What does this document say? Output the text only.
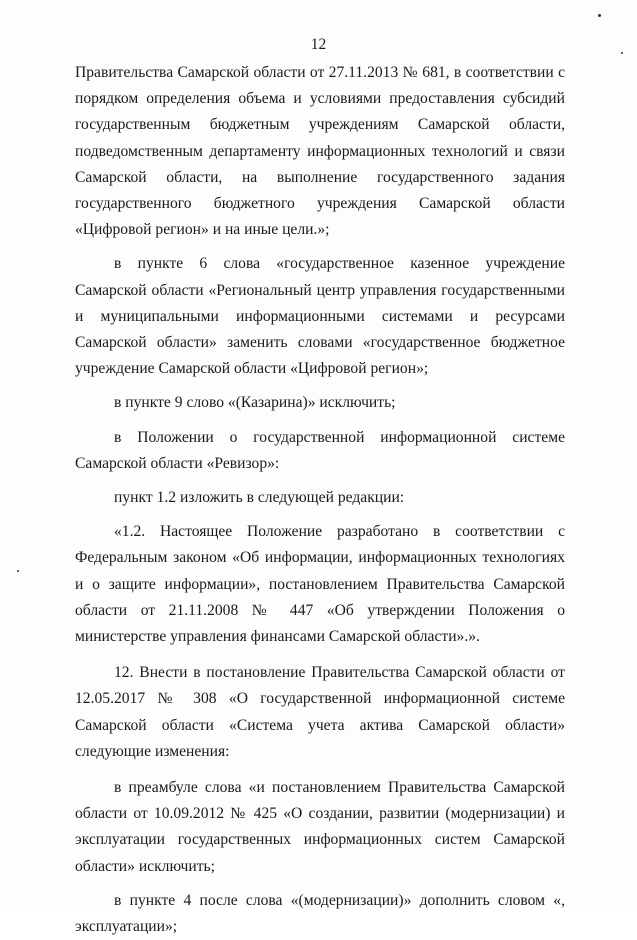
12

Правительства Самарской области от 27.11.2013 № 681, в соответствии с порядком определения объема и условиями предоставления субсидий государственным бюджетным учреждениям Самарской области, подведомственным департаменту информационных технологий и связи Самарской области, на выполнение государственного задания государственного бюджетного учреждения Самарской области «Цифровой регион» и на иные цели.»;

в пункте 6 слова «государственное казенное учреждение Самарской области «Региональный центр управления государственными и муниципальными информационными системами и ресурсами Самарской области» заменить словами «государственное бюджетное учреждение Самарской области «Цифровой регион»;

в пункте 9 слово «(Казарина)» исключить;

в Положении о государственной информационной системе Самарской области «Ревизор»:

пункт 1.2 изложить в следующей редакции:

«1.2. Настоящее Положение разработано в соответствии с Федеральным законом «Об информации, информационных технологиях и о защите информации», постановлением Правительства Самарской области от 21.11.2008 № 447 «Об утверждении Положения о министерстве управления финансами Самарской области».».

12. Внести в постановление Правительства Самарской области от 12.05.2017 № 308 «О государственной информационной системе Самарской области «Система учета актива Самарской области» следующие изменения:

в преамбуле слова «и постановлением Правительства Самарской области от 10.09.2012 № 425 «О создании, развитии (модернизации) и эксплуатации государственных информационных систем Самарской области» исключить;

в пункте 4 после слова «(модернизации)» дополнить словом «, эксплуатации»;
